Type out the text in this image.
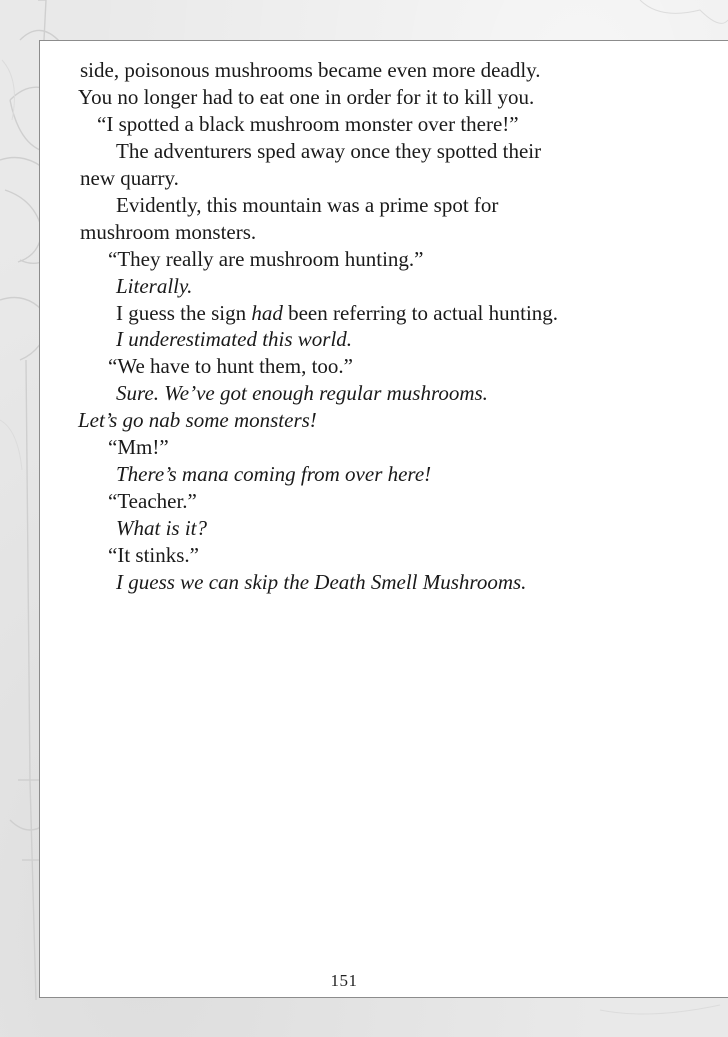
side, poisonous mushrooms became even more deadly.

You no longer had to eat one in order for it to kill you.

“I spotted a black mushroom monster over there!”

The adventurers sped away once they spotted their

new quarry.

Evidently, this mountain was a prime spot for

mushroom monsters.

“They really are mushroom hunting.”

Literally.

I guess the sign had been referring to actual hunting.

I underestimated this world.

“We have to hunt them, too.”

Sure. We’ve got enough regular mushrooms.

Let’s go nab some monsters!

“Mm!”

There’s mana coming from over here!

“Teacher.”

What is it?

“It stinks.”

I guess we can skip the Death Smell Mushrooms.

151
